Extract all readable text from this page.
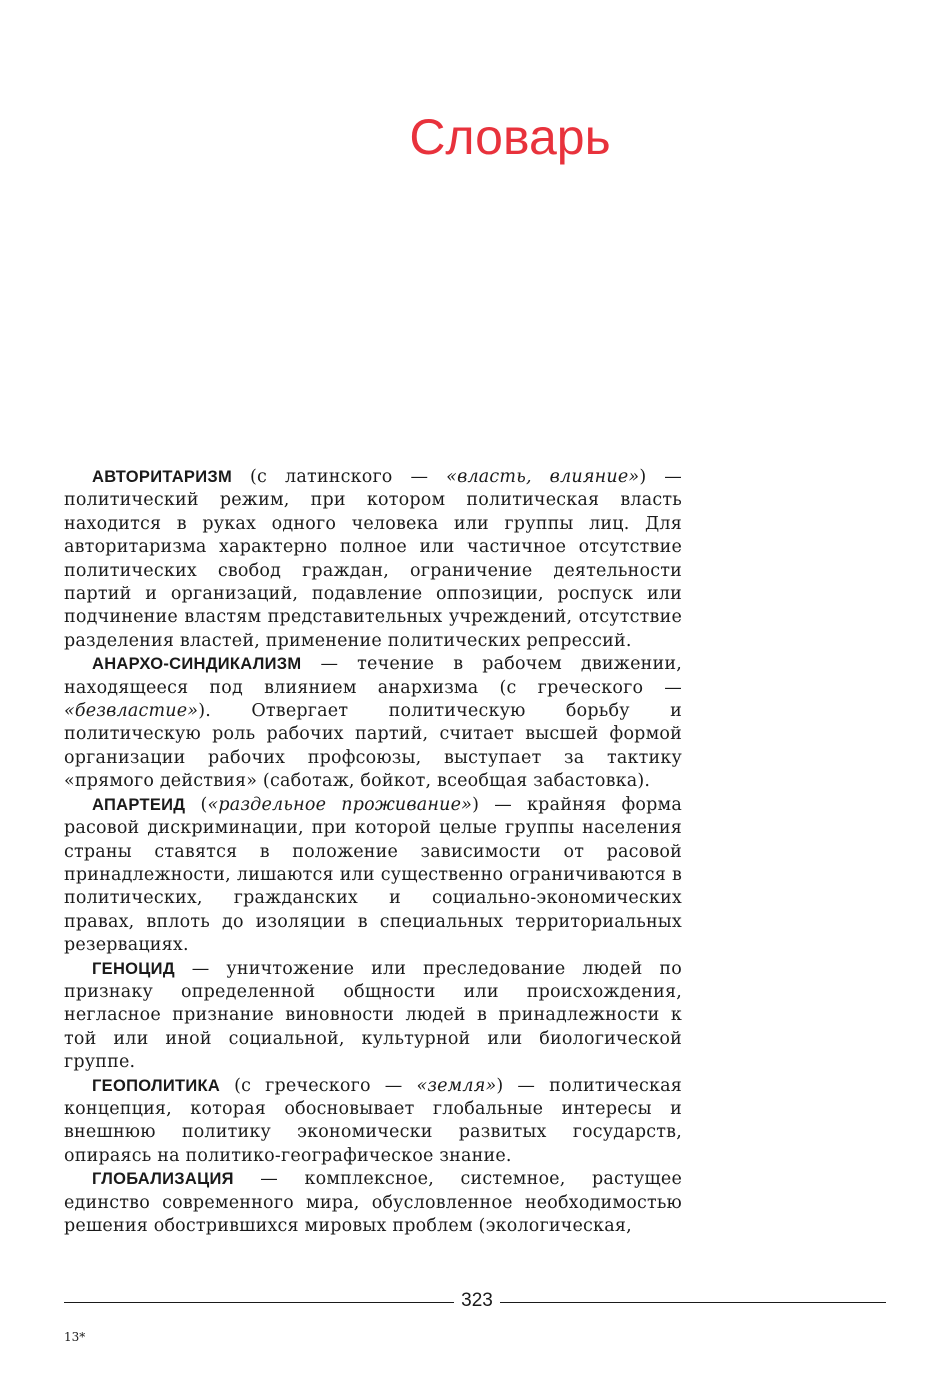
Словарь

АВТОРИТАРИЗМ (с латинского — «власть, влияние») — политический режим, при котором политическая власть находится в руках одного человека или группы лиц. Для авторитаризма характерно полное или частичное отсутствие политических свобод граждан, ограничение деятельности партий и организаций, подавление оппозиции, роспуск или подчинение властям представительных учреждений, отсутствие разделения властей, применение политических репрессий.

АНАРХО-СИНДИКАЛИЗМ — течение в рабочем движении, находящееся под влиянием анархизма (с греческого — «безвластие»). Отвергает политическую борьбу и политическую роль рабочих партий, считает высшей формой организации рабочих профсоюзы, выступает за тактику «прямого действия» (саботаж, бойкот, всеобщая забастовка).

АПАРТЕИД («раздельное проживание») — крайняя форма расовой дискриминации, при которой целые группы населения страны ставятся в положение зависимости от расовой принадлежности, лишаются или существенно ограничиваются в политических, гражданских и социально-экономических правах, вплоть до изоляции в специальных территориальных резервациях.

ГЕНОЦИД — уничтожение или преследование людей по признаку определенной общности или происхождения, негласное признание виновности людей в принадлежности к той или иной социальной, культурной или биологической группе.

ГЕОПОЛИТИКА (с греческого — «земля») — политическая концепция, которая обосновывает глобальные интересы и внешнюю политику экономически развитых государств, опираясь на политико-географическое знание.

ГЛОБАЛИЗАЦИЯ — комплексное, системное, растущее единство современного мира, обусловленное необходимостью решения обострившихся мировых проблем (экологическая,

323
13*
